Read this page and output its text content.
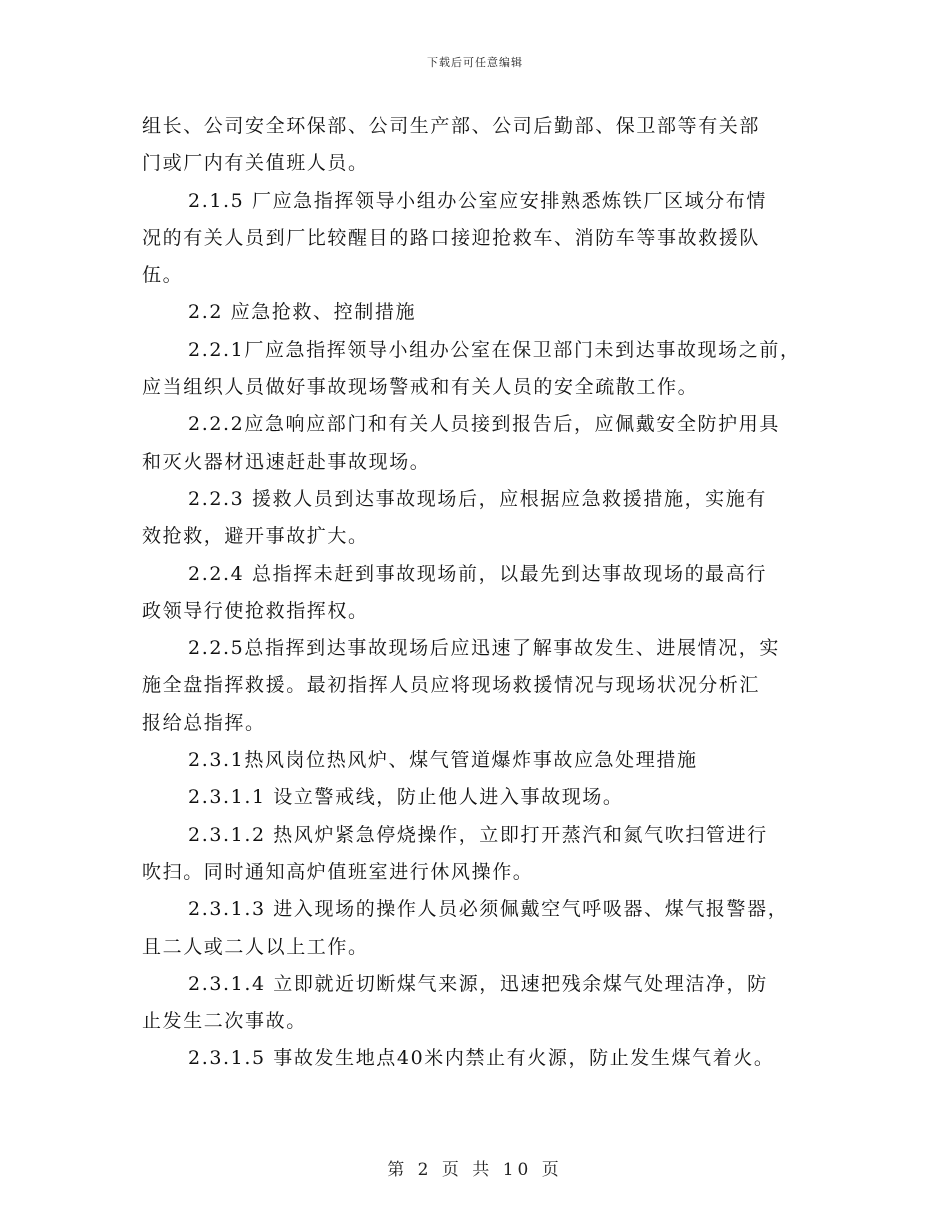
下载后可任意编辑
组长、公司安全环保部、公司生产部、公司后勤部、保卫部等有关部
门或厂内有关值班人员。
2.1.5 厂应急指挥领导小组办公室应安排熟悉炼铁厂区域分布情
况的有关人员到厂比较醒目的路口接迎抢救车、消防车等事故救援队
伍。
2.2 应急抢救、控制措施
2.2.1厂应急指挥领导小组办公室在保卫部门未到达事故现场之前，
应当组织人员做好事故现场警戒和有关人员的安全疏散工作。
2.2.2应急响应部门和有关人员接到报告后，应佩戴安全防护用具
和灭火器材迅速赶赴事故现场。
2.2.3 援救人员到达事故现场后，应根据应急救援措施，实施有
效抢救，避开事故扩大。
2.2.4 总指挥未赶到事故现场前，以最先到达事故现场的最高行
政领导行使抢救指挥权。
2.2.5总指挥到达事故现场后应迅速了解事故发生、进展情况，实
施全盘指挥救援。最初指挥人员应将现场救援情况与现场状况分析汇
报给总指挥。
2.3.1热风岗位热风炉、煤气管道爆炸事故应急处理措施
2.3.1.1 设立警戒线，防止他人进入事故现场。
2.3.1.2 热风炉紧急停烧操作，立即打开蒸汽和氮气吹扫管进行
吹扫。同时通知高炉值班室进行休风操作。
2.3.1.3 进入现场的操作人员必须佩戴空气呼吸器、煤气报警器，
且二人或二人以上工作。
2.3.1.4 立即就近切断煤气来源，迅速把残余煤气处理洁净，防
止发生二次事故。
2.3.1.5 事故发生地点40米内禁止有火源，防止发生煤气着火。
第 2 页 共 10 页
